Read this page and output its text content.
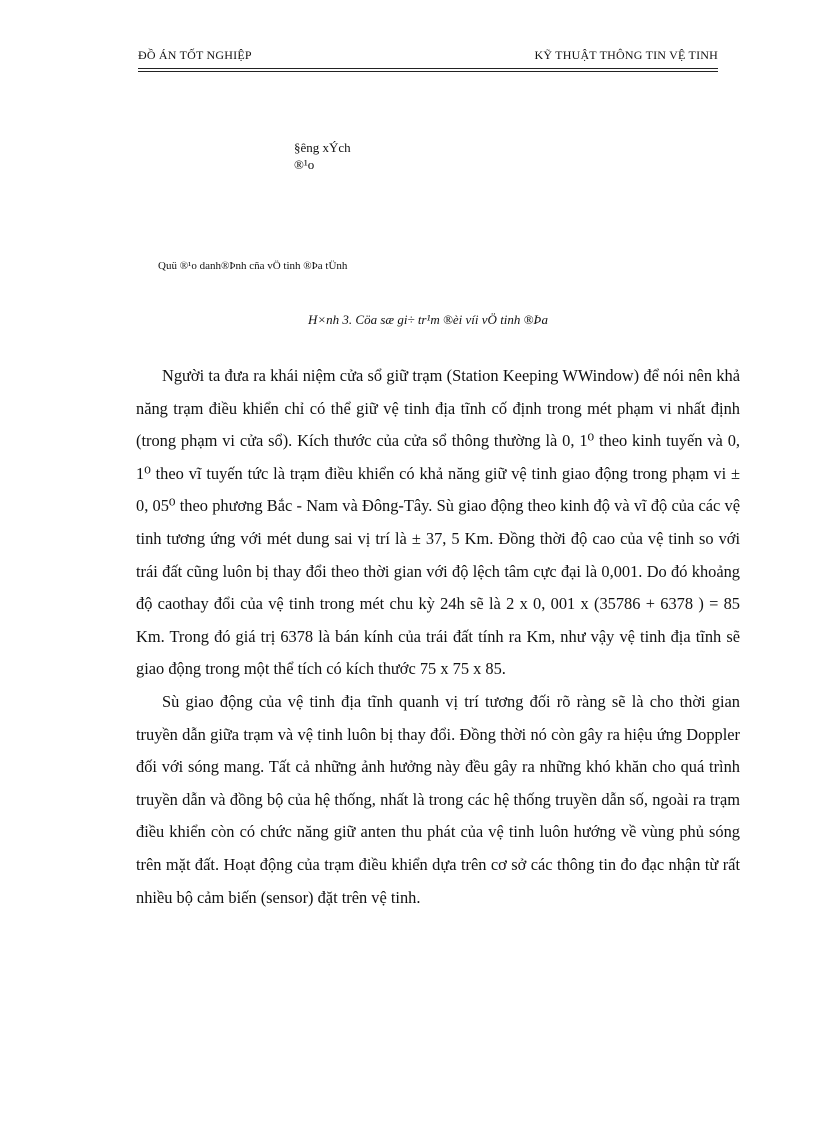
ĐỒ ÁN TỐT NGHIỆP	KỸ THUẬT THÔNG TIN VỆ TINH
§êng xÝch
®¹o
Quü ®¹o danh®Þnh cña vÖ tinh ®Þa tÜnh
H×nh 3. Cöa sæ gi÷ tr¹m ®èi víi vÖ tinh ®Þa

Người ta đưa ra khái niệm cửa sổ giữ trạm (Station Keeping WWindow) để nói nên khả năng trạm điều khiển chỉ có thể giữ vệ tinh địa tĩnh cố định trong mét phạm vi nhất định (trong phạm vi cửa sổ). Kích thước của cửa sổ thông thường là 0, 1⁰ theo kinh tuyến và 0, 1⁰ theo vĩ tuyến tức là trạm điều khiển có khả năng giữ vệ tinh giao động trong phạm vi ± 0, 05⁰ theo phương Bắc - Nam và Đông-Tây. Sù giao động theo kinh độ và vĩ độ của các vệ tinh tương ứng với mét dung sai vị trí là ± 37, 5 Km. Đồng thời độ cao của vệ tinh so với trái đất cũng luôn bị thay đổi theo thời gian với độ lệch tâm cực đại là 0,001. Do đó khoảng độ caothay đổi của vệ tinh trong mét chu kỳ 24h sẽ là 2 x 0, 001 x (35786 + 6378 ) = 85 Km. Trong đó giá trị 6378 là bán kính của trái đất tính ra Km, như vậy vệ tinh địa tĩnh sẽ giao động trong một thể tích có kích thước 75 x 75 x 85.

Sù giao động của vệ tinh địa tĩnh quanh vị trí tương đối rõ ràng sẽ là cho thời gian truyền dẫn giữa trạm và vệ tinh luôn bị thay đổi. Đồng thời nó còn gây ra hiệu ứng Doppler đối với sóng mang. Tất cả những ảnh hưởng này đều gây ra những khó khăn cho quá trình truyền dẫn và đồng bộ của hệ thống, nhất là trong các hệ thống truyền dẫn số, ngoài ra trạm điều khiển còn có chức năng giữ anten thu phát của vệ tinh luôn hướng về vùng phủ sóng trên mặt đất. Hoạt động của trạm điều khiển dựa trên cơ sở các thông tin đo đạc nhận từ rất nhiều bộ cảm biến (sensor) đặt trên vệ tinh.
